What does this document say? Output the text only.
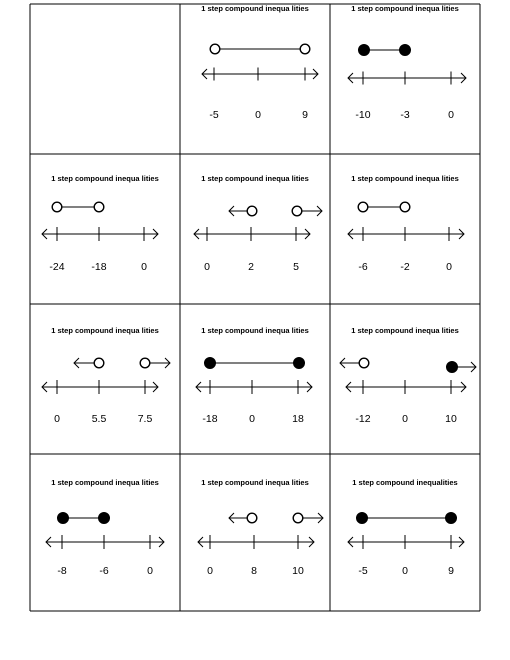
1 step compound inequa lities
-5	0	9
1 step compound inequa lities
-10	-3	0
1 step compound inequa lities
-24	-18	0
1 step compound inequa lities
0	2	5
1 step compound inequa lities
-6	-2	0
1 step compound inequa lities
0	5.5	7.5
1 step compound inequa lities
-18	0	18
1 step compound inequa lities
-12	0	10
1 step compound inequa lities
-8	-6	0
1 step compound inequa lities
0	8	10
1 step compound inequalities
-5	0	9
